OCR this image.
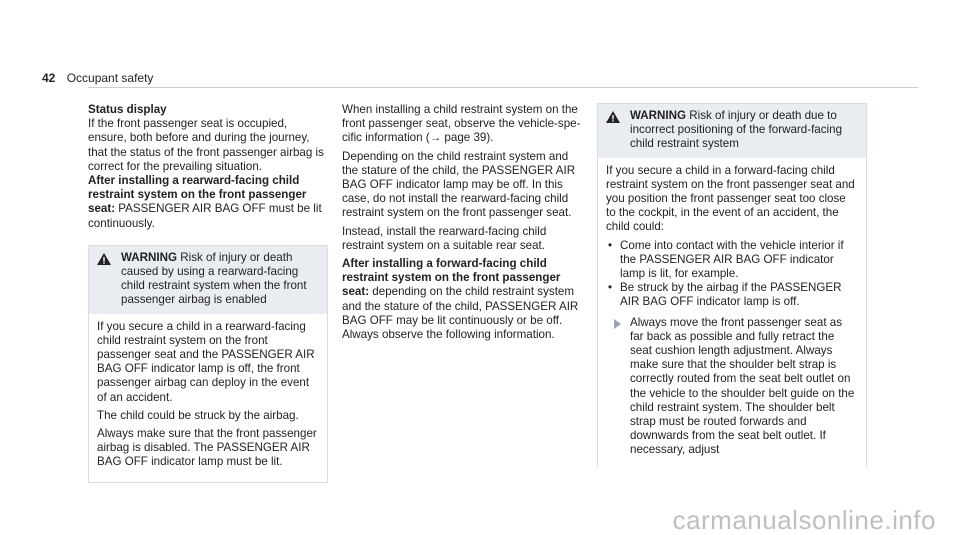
42 Occupant safety

Status display

If the front passenger seat is occupied, ensure, both before and during the journey, that the status of the front passenger airbag is correct for the prevailing situation.

After installing a rearward-facing child restraint system on the front passenger seat: PASSENGER AIR BAG OFF must be lit continuously.

WARNING Risk of injury or death caused by using a rearward-facing child restraint system when the front passenger airbag is enabled

If you secure a child in a rearward-facing child restraint system on the front passenger seat and the PASSENGER AIR BAG OFF indicator lamp is off, the front passenger airbag can deploy in the event of an accident.

The child could be struck by the airbag.

Always make sure that the front passenger airbag is disabled. The PASSENGER AIR BAG OFF indicator lamp must be lit.

When installing a child restraint system on the front passenger seat, observe the vehicle-specific information (→ page 39).

Depending on the child restraint system and the stature of the child, the PASSENGER AIR BAG OFF indicator lamp may be off. In this case, do not install the rearward-facing child restraint system on the front passenger seat.

Instead, install the rearward-facing child restraint system on a suitable rear seat.

After installing a forward-facing child restraint system on the front passenger seat: depending on the child restraint system and the stature of the child, PASSENGER AIR BAG OFF may be lit continuously or be off. Always observe the following information.

WARNING Risk of injury or death due to incorrect positioning of the forward-facing child restraint system

If you secure a child in a forward-facing child restraint system on the front passenger seat and you position the front passenger seat too close to the cockpit, in the event of an accident, the child could:

• Come into contact with the vehicle interior if the PASSENGER AIR BAG OFF indicator lamp is lit, for example.
• Be struck by the airbag if the PASSENGER AIR BAG OFF indicator lamp is off.
Always move the front passenger seat as far back as possible and fully retract the seat cushion length adjustment. Always make sure that the shoulder belt strap is correctly routed from the seat belt outlet on the vehicle to the shoulder belt guide on the child restraint system. The shoulder belt strap must be routed forwards and downwards from the seat belt outlet. If necessary, adjust
carmanualsonline.info
